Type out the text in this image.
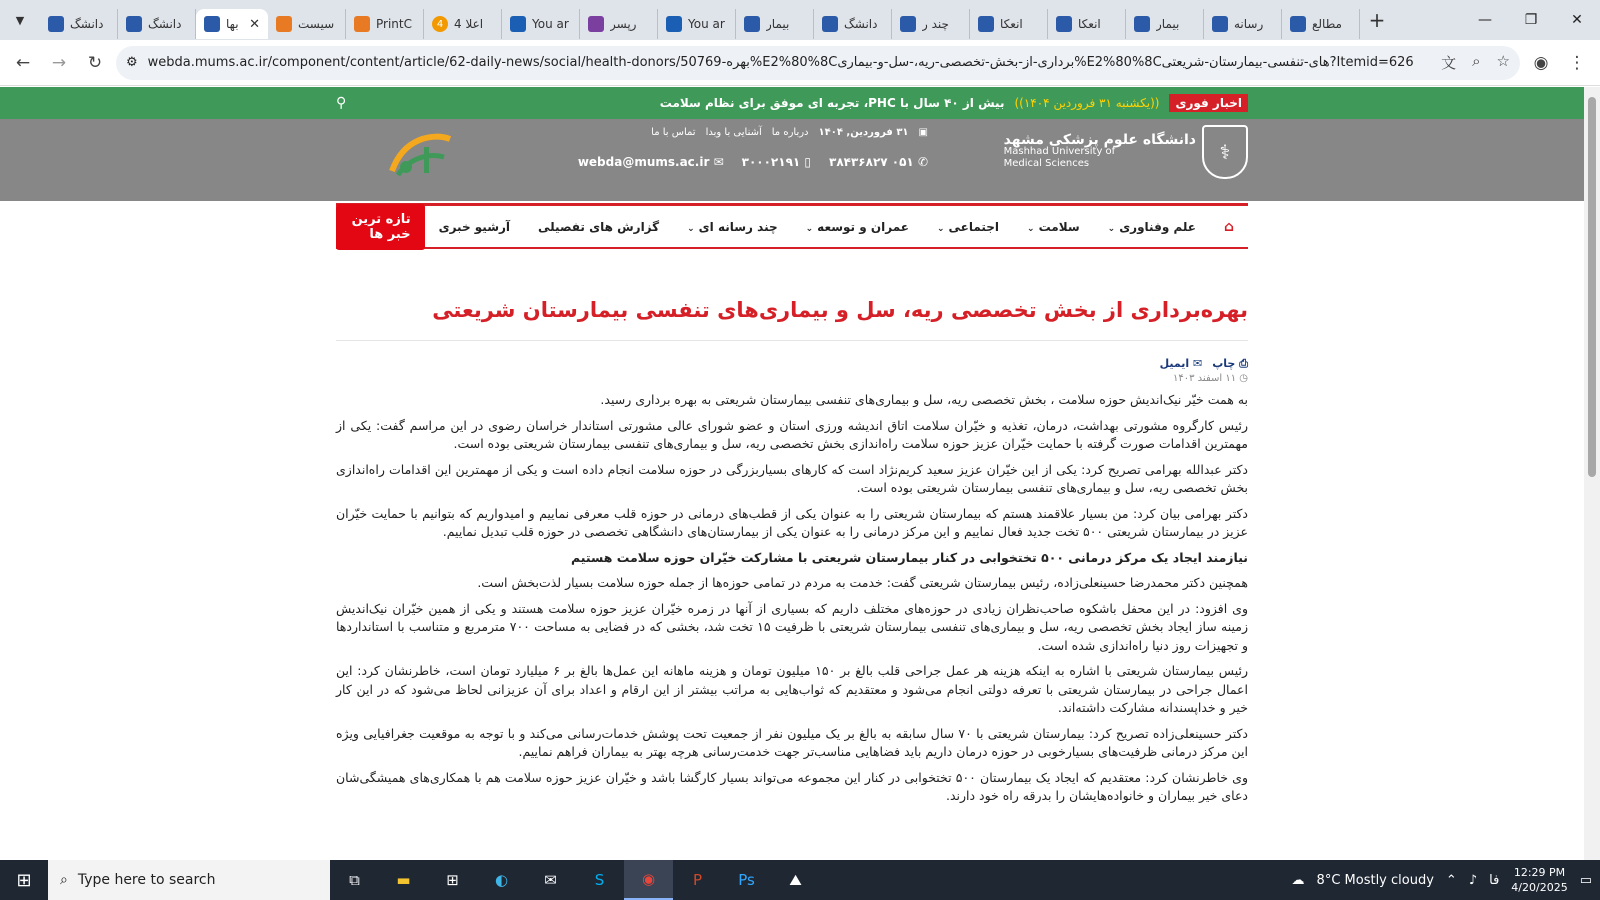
▼	دانشگ	دانشگ	بها ✕	سیست	PrintC	4 4 اعلا	You ar	رپسر	You ar	بیمار	دانشگ	چند ر	انعکا	انعکا	بیمار	رسانه	مطالع	+	—	❐	✕
←	→	↻	⚙ webda.mums.ac.ir/component/content/article/62-daily-news/social/health-donors/50769-بهره%E2%80%8Cبرداری-از-بخش-تخصصی-ریه،-سل-و-بیماری%E2%80%8Cهای-تنفسی-بیمارستان-شریعتی?Itemid=626 文 ⌕ ☆	◉	⋮
اخبار فوری
((یکشنبه ۳۱ فروردین ۱۴۰۴))
بیش از ۴۰ سال با PHC، تجربه ای موفق برای نظام سلامت
⚲
⚕
دانشگاه علوم پزشکی مشهد
Mashhad University of
Medical Sciences
▣
۳۱ فروردین, ۱۴۰۴
درباره ما
آشنایی با وبدا
تماس با ما
✆ ۰۵۱ ۳۸۴۳۶۸۲۷
▯ ۳۰۰۰۲۱۹۱
✉ webda@mums.ac.ir
⌂
علم وفناوری⌄
سلامت⌄
اجتماعی⌄
عمران و توسعه⌄
چند رسانه ای⌄
گزارش های تفصیلی
آرشیو خبری
تازه ترین خبر ها
بهره‌برداری از بخش تخصصی ریه، سل و بیماری‌های تنفسی بیمارستان شریعتی
⎙ چاپ
✉ ایمیل
◷ ۱۱ اسفند ۱۴۰۳

به همت خیّر نیک‌اندیش حوزه سلامت ، بخش تخصصی ریه، سل و بیماری‌های تنفسی بیمارستان شریعتی به بهره برداری رسید.

رئیس کارگروه مشورتی بهداشت، درمان، تغذیه و خیّران سلامت اتاق اندیشه ورزی استان و عضو شورای عالی مشورتی استاندار خراسان رضوی در این مراسم گفت: یکی از مهمترین اقدامات صورت گرفته با حمایت خیّران عزیز حوزه سلامت راه‌اندازی بخش تخصصی ریه، سل و بیماری‌های تنفسی بیمارستان شریعتی بوده است.

دکتر عبدالله بهرامی تصریح کرد: یکی از این خیّران عزیز سعید کریم‌نژاد است که کارهای بسیاربزرگی در حوزه سلامت انجام داده است و یکی از مهمترین این اقدامات راه‌اندازی بخش تخصصی ریه، سل و بیماری‌های تنفسی بیمارستان شریعتی بوده است.

دکتر بهرامی بیان کرد: من بسیار علاقمند هستم که بیمارستان شریعتی را به عنوان یکی از قطب‌های درمانی در حوزه قلب معرفی نماییم و امیدواریم که بتوانیم با حمایت خیّران عزیز در بیمارستان شریعتی ۵۰۰ تخت جدید فعال نماییم و این مرکز درمانی را به عنوان یکی از بیمارستان‌های دانشگاهی تخصصی در حوزه قلب تبدیل نماییم.

نیازمند ایجاد یک مرکز درمانی ۵۰۰ تختخوابی در کنار بیمارستان شریعتی با مشارکت خیّران حوزه سلامت هستیم

همچنین دکتر محمدرضا حسینعلی‌زاده، رئیس بیمارستان شریعتی گفت: خدمت به مردم در تمامی حوزه‌ها از جمله حوزه سلامت بسیار لذت‌بخش است.

وی افزود: در این محفل باشکوه صاحب‌نظران زیادی در حوزه‌های مختلف داریم که بسیاری از آنها در زمره خیّران عزیز حوزه سلامت هستند و یکی از همین خیّران نیک‌اندیش زمینه ساز ایجاد بخش تخصصی ریه، سل و بیماری‌های تنفسی بیمارستان شریعتی با ظرفیت ۱۵ تخت شد، بخشی که در فضایی به مساحت ۷۰۰ مترمربع و متناسب با استانداردها و تجهیزات روز دنیا راه‌اندازی شده است.

رئیس بیمارستان شریعتی با اشاره به اینکه هزینه هر عمل جراحی قلب بالغ بر ۱۵۰ میلیون تومان و هزینه ماهانه این عمل‌ها بالغ بر ۶ میلیارد تومان است، خاطرنشان کرد: این اعمال جراحی در بیمارستان شریعتی با تعرفه دولتی انجام می‌شود و معتقدیم که ثواب‌هایی به مراتب بیشتر از این ارقام و اعداد برای آن عزیزانی لحاظ می‌شود که در این کار خیر و خداپسندانه مشارکت داشته‌اند.

دکتر حسینعلی‌زاده تصریح کرد: بیمارستان شریعتی با ۷۰ سال سابقه به بالغ بر یک میلیون نفر از جمعیت تحت پوشش خدمات‌رسانی می‌کند و با توجه به موقعیت جغرافیایی ویژه این مرکز درمانی ظرفیت‌های بسیارخوبی در حوزه درمان داریم باید فضاهایی مناسب‌تر جهت خدمت‌رسانی هرچه بهتر به بیماران فراهم نماییم.

وی خاطرنشان کرد: معتقدیم که ایجاد یک بیمارستان ۵۰۰ تختخوابی در کنار این مجموعه می‌تواند بسیار کارگشا باشد و خیّران عزیز حوزه سلامت هم با همکاری‌های همیشگی‌شان دعای خیر بیماران و خانواده‌هایشان را بدرقه راه خود دارند.

⊞	⌕ Type here to search	⧉	▬	⊞	◐	✉	S	◉	P	Ps	⛰	☁ 8°C Mostly cloudy ⌃ ♪ فا 12:29 PM
4/20/2025 ▭
